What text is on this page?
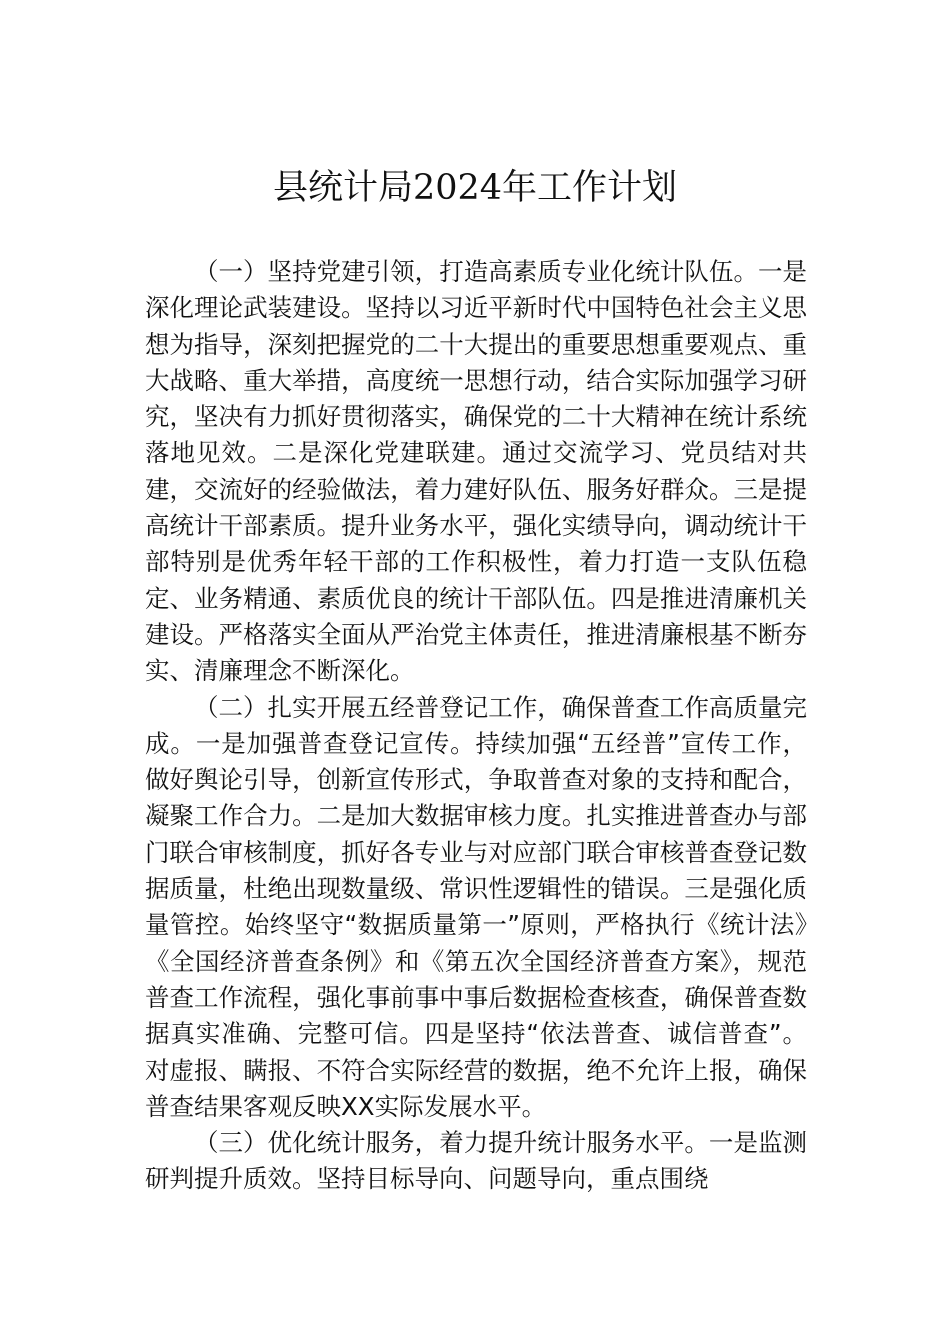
县统计局2024年工作计划

（一）坚持党建引领，打造高素质专业化统计队伍。一是深化理论武装建设。坚持以习近平新时代中国特色社会主义思想为指导，深刻把握党的二十大提出的重要思想重要观点、重大战略、重大举措，高度统一思想行动，结合实际加强学习研究，坚决有力抓好贯彻落实，确保党的二十大精神在统计系统落地见效。二是深化党建联建。通过交流学习、党员结对共建，交流好的经验做法，着力建好队伍、服务好群众。三是提高统计干部素质。提升业务水平，强化实绩导向，调动统计干部特别是优秀年轻干部的工作积极性，着力打造一支队伍稳定、业务精通、素质优良的统计干部队伍。四是推进清廉机关建设。严格落实全面从严治党主体责任，推进清廉根基不断夯实、清廉理念不断深化。

（二）扎实开展五经普登记工作，确保普查工作高质量完成。一是加强普查登记宣传。持续加强“五经普”宣传工作，做好舆论引导，创新宣传形式，争取普查对象的支持和配合，凝聚工作合力。二是加大数据审核力度。扎实推进普查办与部门联合审核制度，抓好各专业与对应部门联合审核普查登记数据质量，杜绝出现数量级、常识性逻辑性的错误。三是强化质量管控。始终坚守“数据质量第一”原则，严格执行《统计法》《全国经济普查条例》和《第五次全国经济普查方案》，规范普查工作流程，强化事前事中事后数据检查核查，确保普查数据真实准确、完整可信。四是坚持“依法普查、诚信普查”。对虚报、瞒报、不符合实际经营的数据，绝不允许上报，确保普查结果客观反映XX实际发展水平。

（三）优化统计服务，着力提升统计服务水平。一是监测研判提升质效。坚持目标导向、问题导向，重点围绕
